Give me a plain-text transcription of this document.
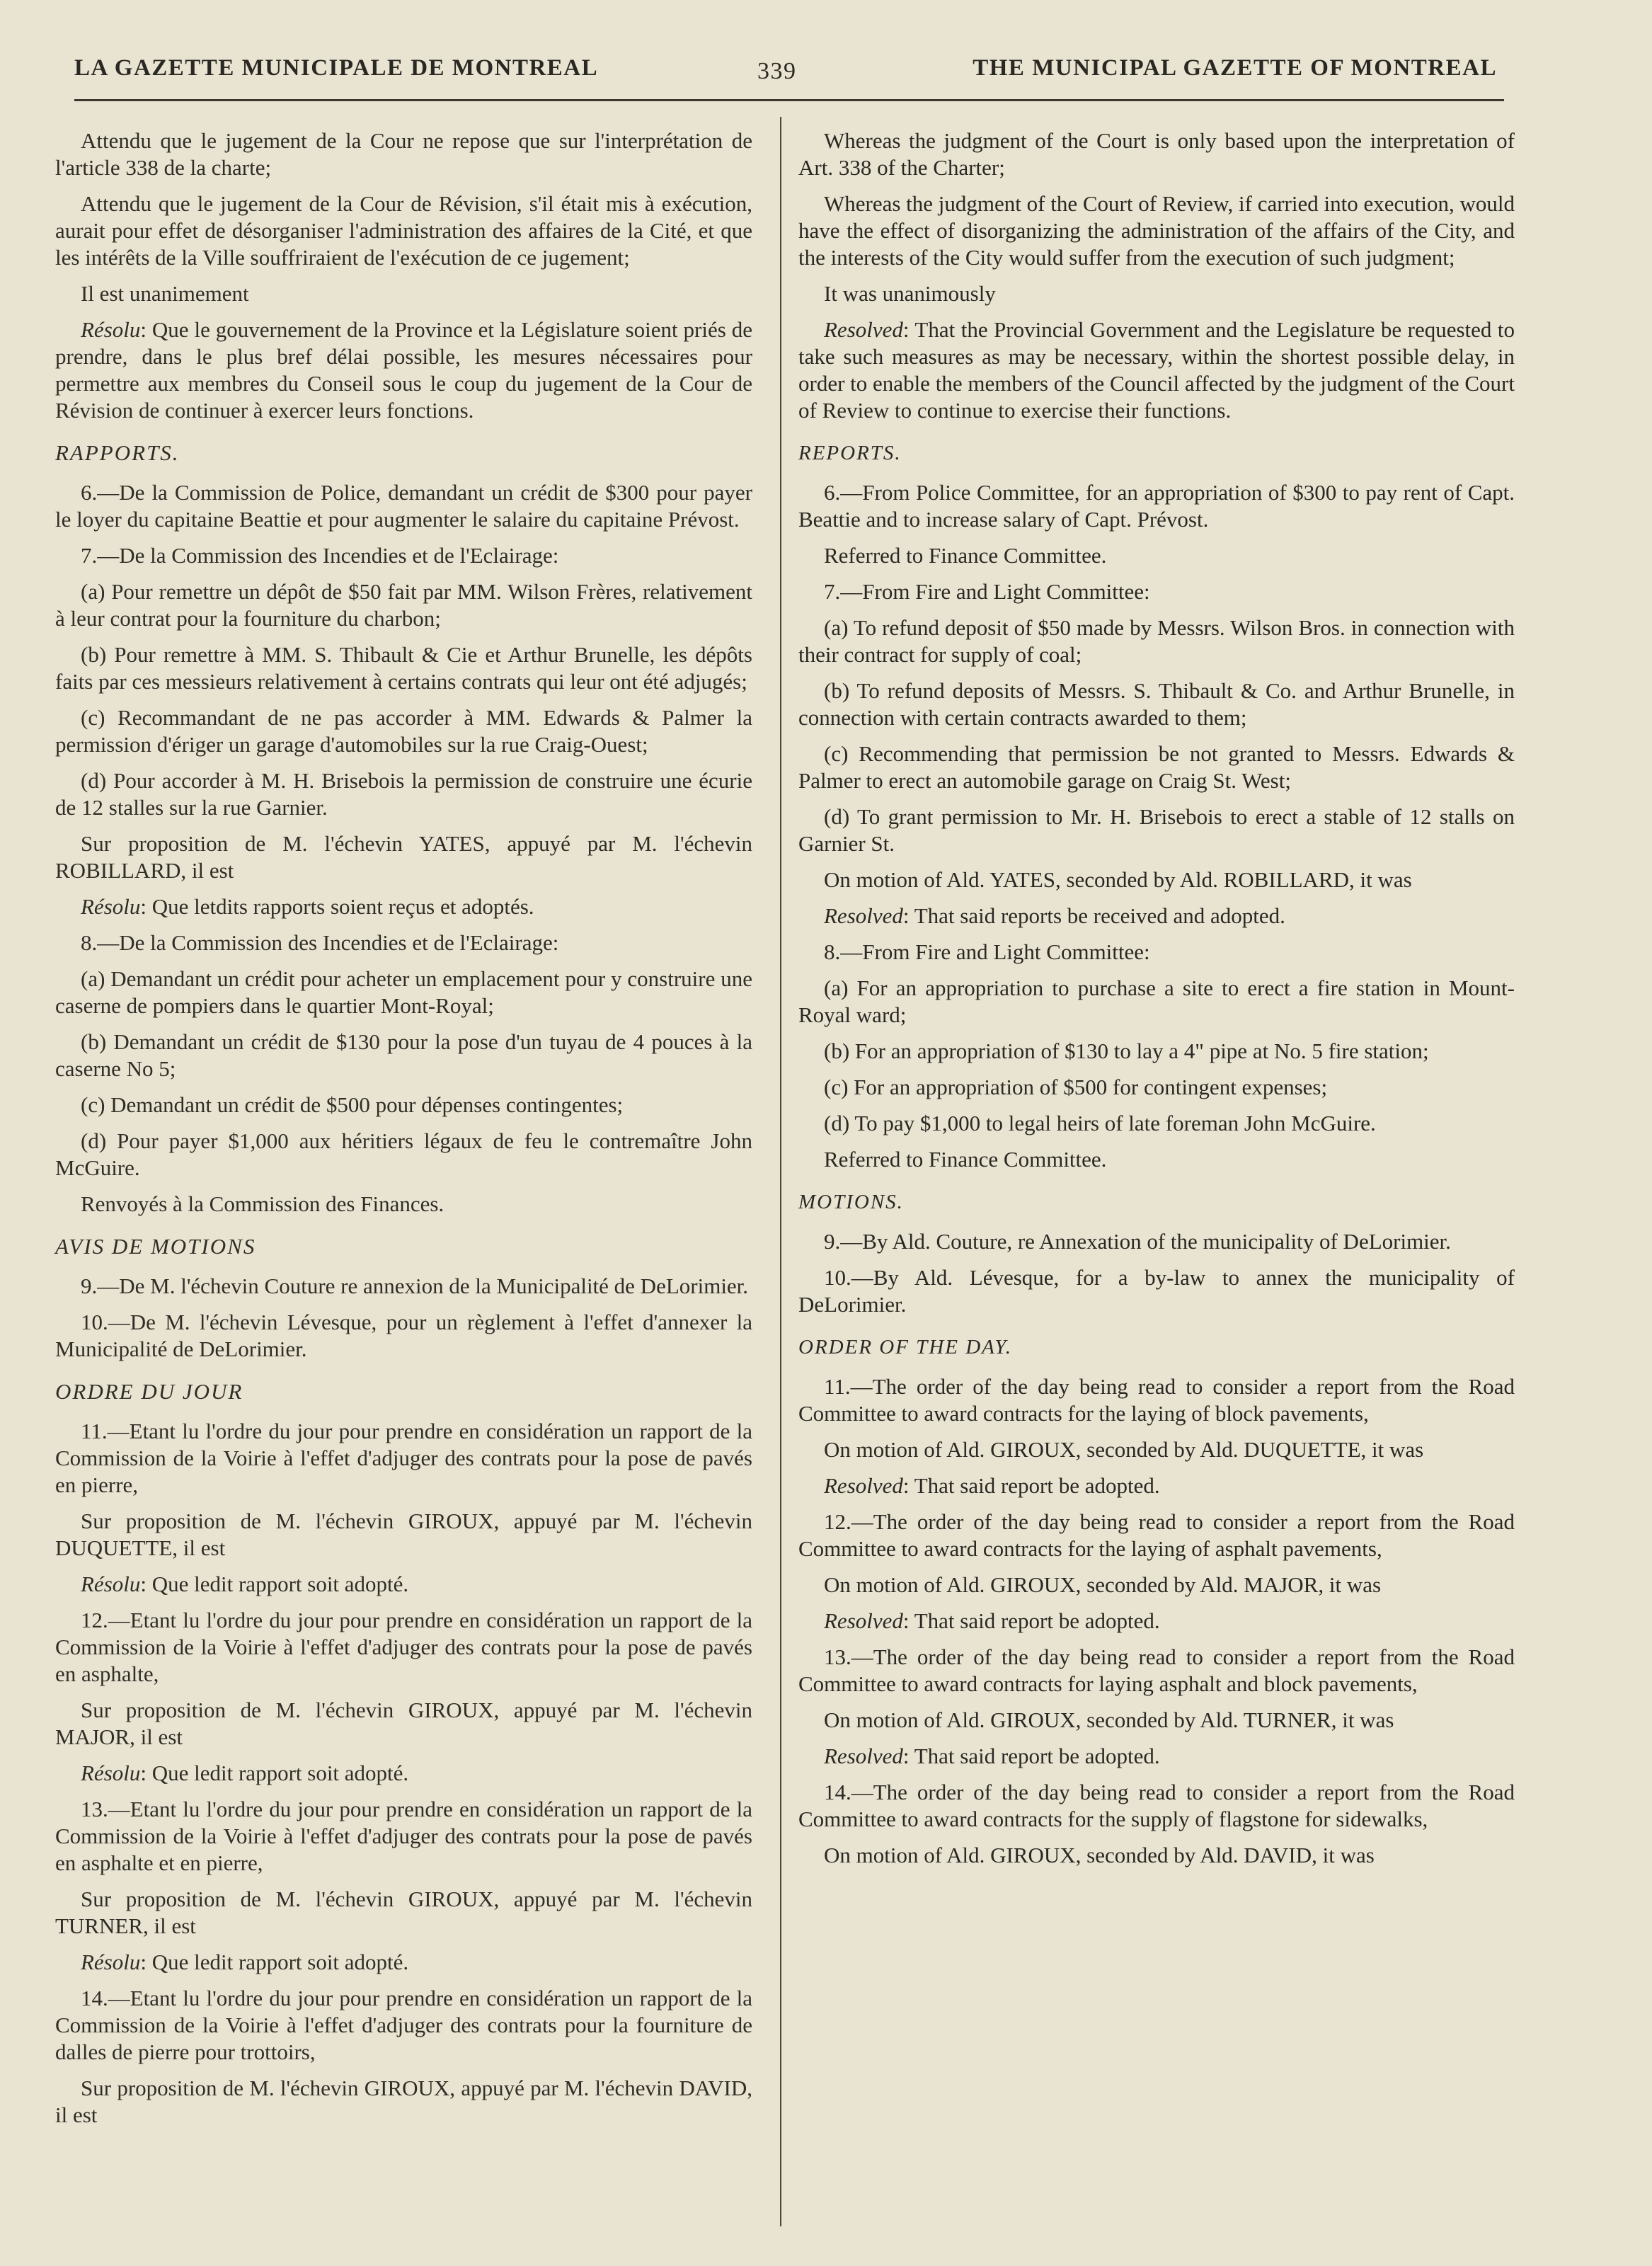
LA GAZETTE MUNICIPALE DE MONTREAL	339	THE MUNICIPAL GAZETTE OF MONTREAL

Attendu que le jugement de la Cour ne repose que sur l'interprétation de l'article 338 de la charte;

Attendu que le jugement de la Cour de Révision, s'il était mis à exécution, aurait pour effet de désorganiser l'administration des affaires de la Cité, et que les intérêts de la Ville souffriraient de l'exécution de ce jugement;

Il est unanimement

Résolu: Que le gouvernement de la Province et la Législature soient priés de prendre, dans le plus bref délai possible, les mesures nécessaires pour permettre aux membres du Conseil sous le coup du jugement de la Cour de Révision de continuer à exercer leurs fonctions.

RAPPORTS.

6.—De la Commission de Police, demandant un crédit de $300 pour payer le loyer du capitaine Beattie et pour augmenter le salaire du capitaine Prévost.

7.—De la Commission des Incendies et de l'Eclairage:

(a) Pour remettre un dépôt de $50 fait par MM. Wilson Frères, relativement à leur contrat pour la fourniture du charbon;

(b) Pour remettre à MM. S. Thibault & Cie et Arthur Brunelle, les dépôts faits par ces messieurs relativement à certains contrats qui leur ont été adjugés;

(c) Recommandant de ne pas accorder à MM. Edwards & Palmer la permission d'ériger un garage d'automobiles sur la rue Craig-Ouest;

(d) Pour accorder à M. H. Brisebois la permission de construire une écurie de 12 stalles sur la rue Garnier.

Sur proposition de M. l'échevin YATES, appuyé par M. l'échevin ROBILLARD, il est

Résolu: Que letdits rapports soient reçus et adoptés.

8.—De la Commission des Incendies et de l'Eclairage:

(a) Demandant un crédit pour acheter un emplacement pour y construire une caserne de pompiers dans le quartier Mont-Royal;

(b) Demandant un crédit de $130 pour la pose d'un tuyau de 4 pouces à la caserne No 5;

(c) Demandant un crédit de $500 pour dépenses contingentes;

(d) Pour payer $1,000 aux héritiers légaux de feu le contremaître John McGuire.

Renvoyés à la Commission des Finances.

AVIS DE MOTIONS

9.—De M. l'échevin Couture re annexion de la Municipalité de DeLorimier.

10.—De M. l'échevin Lévesque, pour un règlement à l'effet d'annexer la Municipalité de DeLorimier.

ORDRE DU JOUR

11.—Etant lu l'ordre du jour pour prendre en considération un rapport de la Commission de la Voirie à l'effet d'adjuger des contrats pour la pose de pavés en pierre,

Sur proposition de M. l'échevin GIROUX, appuyé par M. l'échevin DUQUETTE, il est

Résolu: Que ledit rapport soit adopté.

12.—Etant lu l'ordre du jour pour prendre en considération un rapport de la Commission de la Voirie à l'effet d'adjuger des contrats pour la pose de pavés en asphalte,

Sur proposition de M. l'échevin GIROUX, appuyé par M. l'échevin MAJOR, il est

Résolu: Que ledit rapport soit adopté.

13.—Etant lu l'ordre du jour pour prendre en considération un rapport de la Commission de la Voirie à l'effet d'adjuger des contrats pour la pose de pavés en asphalte et en pierre,

Sur proposition de M. l'échevin GIROUX, appuyé par M. l'échevin TURNER, il est

Résolu: Que ledit rapport soit adopté.

14.—Etant lu l'ordre du jour pour prendre en considération un rapport de la Commission de la Voirie à l'effet d'adjuger des contrats pour la fourniture de dalles de pierre pour trottoirs,

Sur proposition de M. l'échevin GIROUX, appuyé par M. l'échevin DAVID, il est

Whereas the judgment of the Court is only based upon the interpretation of Art. 338 of the Charter;

Whereas the judgment of the Court of Review, if carried into execution, would have the effect of disorganizing the administration of the affairs of the City, and the interests of the City would suffer from the execution of such judgment;

It was unanimously

Resolved: That the Provincial Government and the Legislature be requested to take such measures as may be necessary, within the shortest possible delay, in order to enable the members of the Council affected by the judgment of the Court of Review to continue to exercise their functions.

REPORTS.

6.—From Police Committee, for an appropriation of $300 to pay rent of Capt. Beattie and to increase salary of Capt. Prévost.

Referred to Finance Committee.

7.—From Fire and Light Committee:

(a) To refund deposit of $50 made by Messrs. Wilson Bros. in connection with their contract for supply of coal;

(b) To refund deposits of Messrs. S. Thibault & Co. and Arthur Brunelle, in connection with certain contracts awarded to them;

(c) Recommending that permission be not granted to Messrs. Edwards & Palmer to erect an automobile garage on Craig St. West;

(d) To grant permission to Mr. H. Brisebois to erect a stable of 12 stalls on Garnier St.

On motion of Ald. YATES, seconded by Ald. ROBILLARD, it was

Resolved: That said reports be received and adopted.

8.—From Fire and Light Committee:

(a) For an appropriation to purchase a site to erect a fire station in Mount-Royal ward;

(b) For an appropriation of $130 to lay a 4" pipe at No. 5 fire station;

(c) For an appropriation of $500 for contingent expenses;

(d) To pay $1,000 to legal heirs of late foreman John McGuire.

Referred to Finance Committee.

MOTIONS.

9.—By Ald. Couture, re Annexation of the municipality of DeLorimier.

10.—By Ald. Lévesque, for a by-law to annex the municipality of DeLorimier.

ORDER OF THE DAY.

11.—The order of the day being read to consider a report from the Road Committee to award contracts for the laying of block pavements,

On motion of Ald. GIROUX, seconded by Ald. DUQUETTE, it was

Resolved: That said report be adopted.

12.—The order of the day being read to consider a report from the Road Committee to award contracts for the laying of asphalt pavements,

On motion of Ald. GIROUX, seconded by Ald. MAJOR, it was

Resolved: That said report be adopted.

13.—The order of the day being read to consider a report from the Road Committee to award contracts for laying asphalt and block pavements,

On motion of Ald. GIROUX, seconded by Ald. TURNER, it was

Resolved: That said report be adopted.

14.—The order of the day being read to consider a report from the Road Committee to award contracts for the supply of flagstone for sidewalks,

On motion of Ald. GIROUX, seconded by Ald. DAVID, it was
